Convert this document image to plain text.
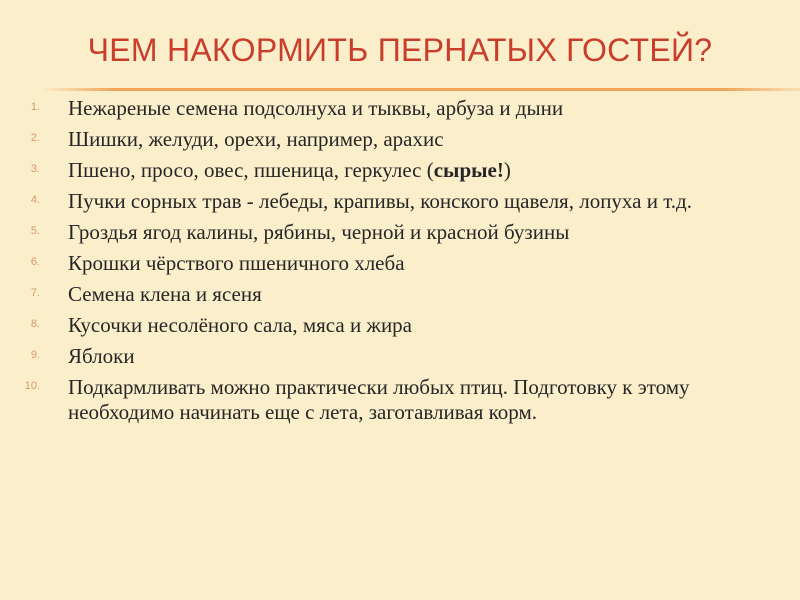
ЧЕМ НАКОРМИТЬ ПЕРНАТЫХ ГОСТЕЙ?
1. Нежареные семена подсолнуха и тыквы, арбуза и дыни
2. Шишки, желуди, орехи, например, арахис
3. Пшено, просо, овес, пшеница, геркулес (сырые!)
4. Пучки сорных трав - лебеды, крапивы, конского щавеля, лопуха и т.д.
5. Гроздья ягод калины, рябины, черной и красной бузины
6. Крошки чёрствого пшеничного хлеба
7. Семена клена и ясеня
8. Кусочки несолёного сала, мяса и жира
9. Яблоки
10. Подкармливать можно практически любых птиц. Подготовку к этому необходимо начинать еще с лета, заготавливая корм.
